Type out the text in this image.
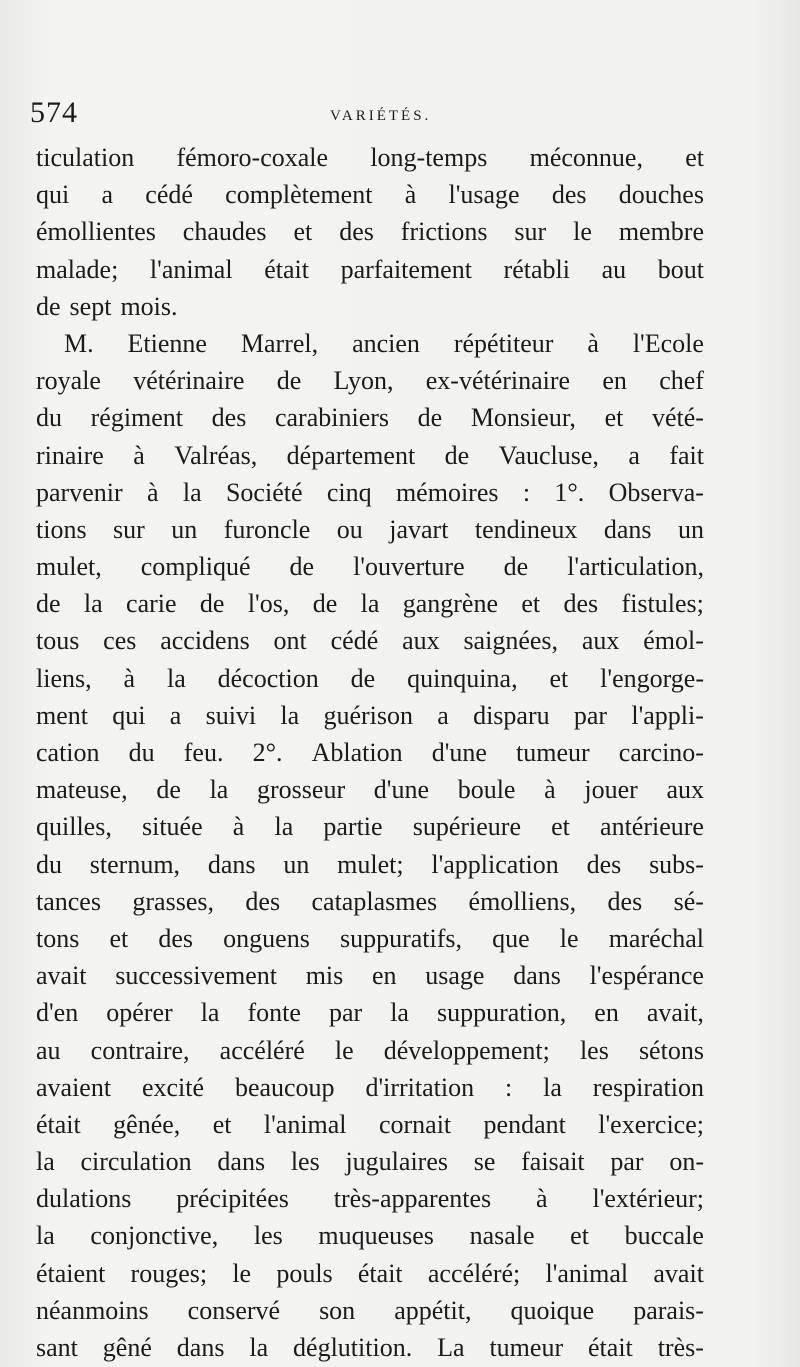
574	VARIÉTÉS.
ticulation fémoro-coxale long-temps méconnue, et
qui a cédé complètement à l'usage des douches
émollientes chaudes et des frictions sur le membre
malade; l'animal était parfaitement rétabli au bout
de sept mois.
M. Etienne Marrel, ancien répétiteur à l'Ecole
royale vétérinaire de Lyon, ex-vétérinaire en chef
du régiment des carabiniers de Monsieur, et vété-
rinaire à Valréas, département de Vaucluse, a fait
parvenir à la Société cinq mémoires : 1°. Observa-
tions sur un furoncle ou javart tendineux dans un
mulet, compliqué de l'ouverture de l'articulation,
de la carie de l'os, de la gangrène et des fistules;
tous ces accidens ont cédé aux saignées, aux émol-
liens, à la décoction de quinquina, et l'engorge-
ment qui a suivi la guérison a disparu par l'appli-
cation du feu. 2°. Ablation d'une tumeur carcino-
mateuse, de la grosseur d'une boule à jouer aux
quilles, située à la partie supérieure et antérieure
du sternum, dans un mulet; l'application des subs-
tances grasses, des cataplasmes émolliens, des sé-
tons et des onguens suppuratifs, que le maréchal
avait successivement mis en usage dans l'espérance
d'en opérer la fonte par la suppuration, en avait,
au contraire, accéléré le développement; les sétons
avaient excité beaucoup d'irritation : la respiration
était gênée, et l'animal cornait pendant l'exercice;
la circulation dans les jugulaires se faisait par on-
dulations précipitées très-apparentes à l'extérieur;
la conjonctive, les muqueuses nasale et buccale
étaient rouges; le pouls était accéléré; l'animal avait
néanmoins conservé son appétit, quoique parais-
sant gêné dans la déglutition. La tumeur était très-
